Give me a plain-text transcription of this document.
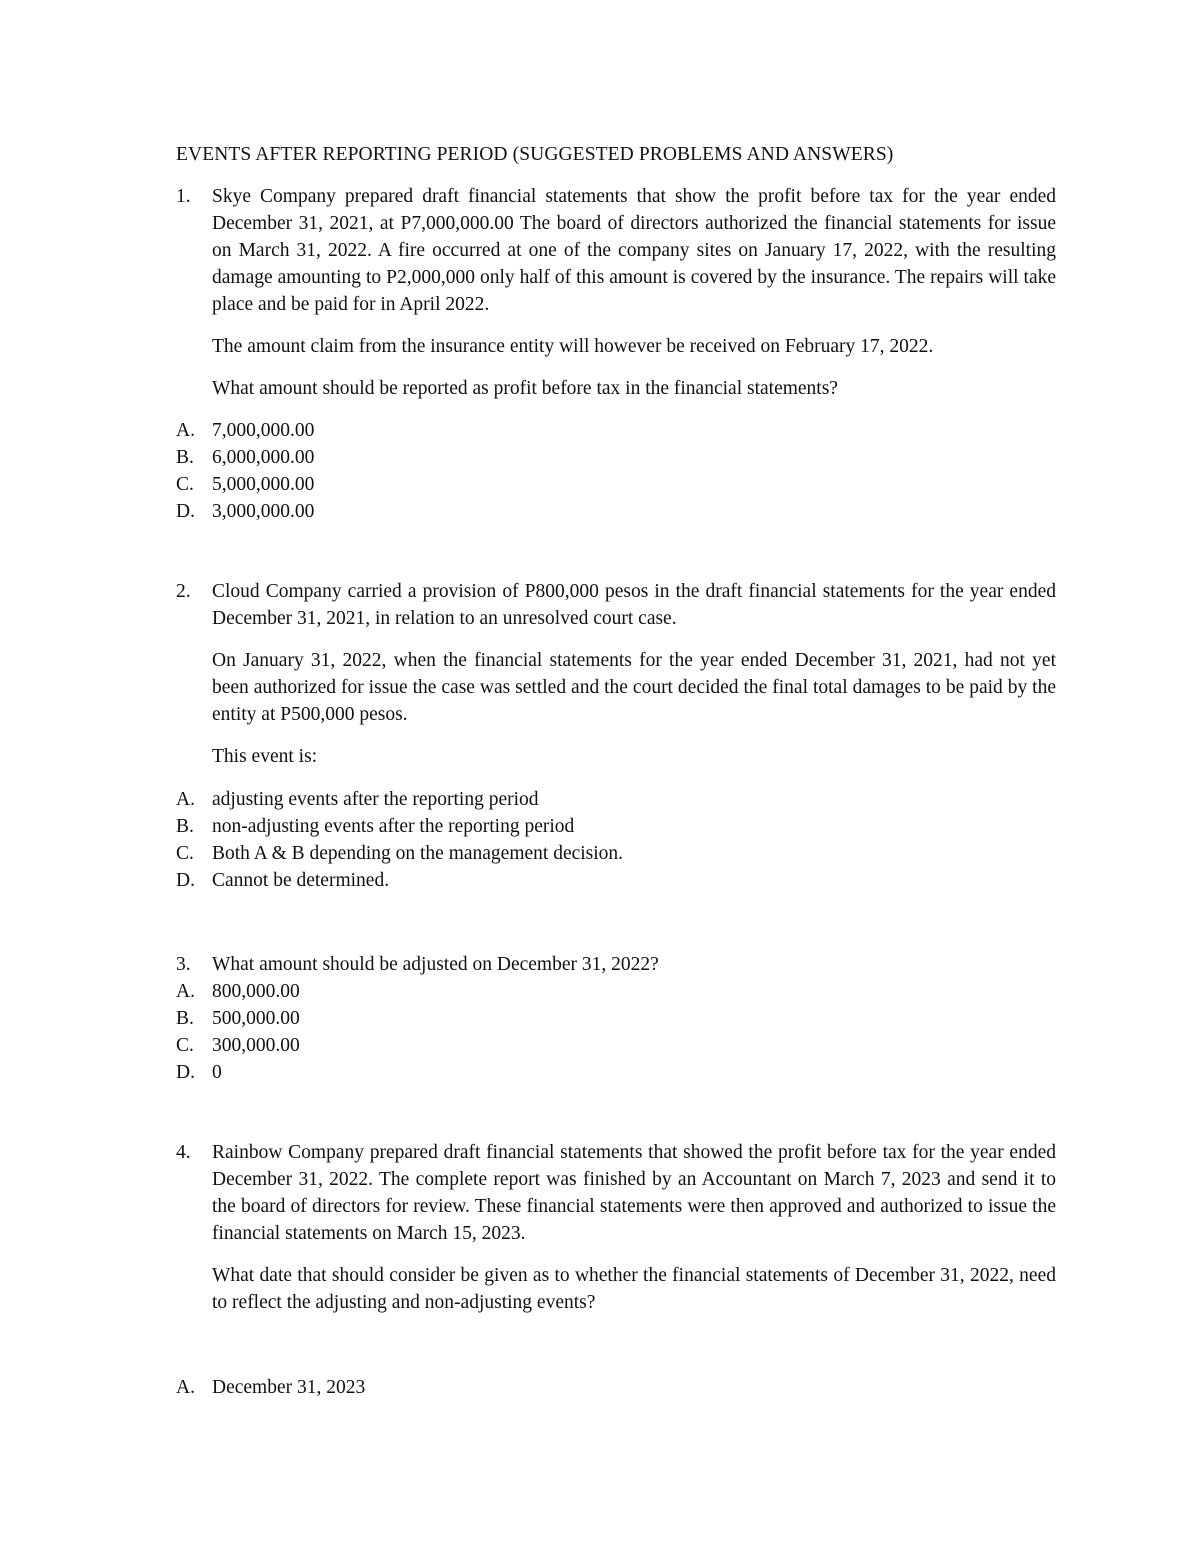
EVENTS AFTER REPORTING PERIOD (SUGGESTED PROBLEMS AND ANSWERS)
1.	Skye Company prepared draft financial statements that show the profit before tax for the year ended December 31, 2021, at P7,000,000.00 The board of directors authorized the financial statements for issue on March 31, 2022. A fire occurred at one of the company sites on January 17, 2022, with the resulting damage amounting to P2,000,000 only half of this amount is covered by the insurance. The repairs will take place and be paid for in April 2022.

The amount claim from the insurance entity will however be received on February 17, 2022.

What amount should be reported as profit before tax in the financial statements?

A. 7,000,000.00
B. 6,000,000.00
C. 5,000,000.00
D. 3,000,000.00
2.	Cloud Company carried a provision of P800,000 pesos in the draft financial statements for the year ended December 31, 2021, in relation to an unresolved court case.

On January 31, 2022, when the financial statements for the year ended December 31, 2021, had not yet been authorized for issue the case was settled and the court decided the final total damages to be paid by the entity at P500,000 pesos.

This event is:

A. adjusting events after the reporting period
B. non-adjusting events after the reporting period
C. Both A & B depending on the management decision.
D. Cannot be determined.
3.	What amount should be adjusted on December 31, 2022?

A. 800,000.00
B. 500,000.00
C. 300,000.00
D. 0
4.	Rainbow Company prepared draft financial statements that showed the profit before tax for the year ended December 31, 2022. The complete report was finished by an Accountant on March 7, 2023 and send it to the board of directors for review. These financial statements were then approved and authorized to issue the financial statements on March 15, 2023.

What date that should consider be given as to whether the financial statements of December 31, 2022, need to reflect the adjusting and non-adjusting events?

A. December 31, 2023
